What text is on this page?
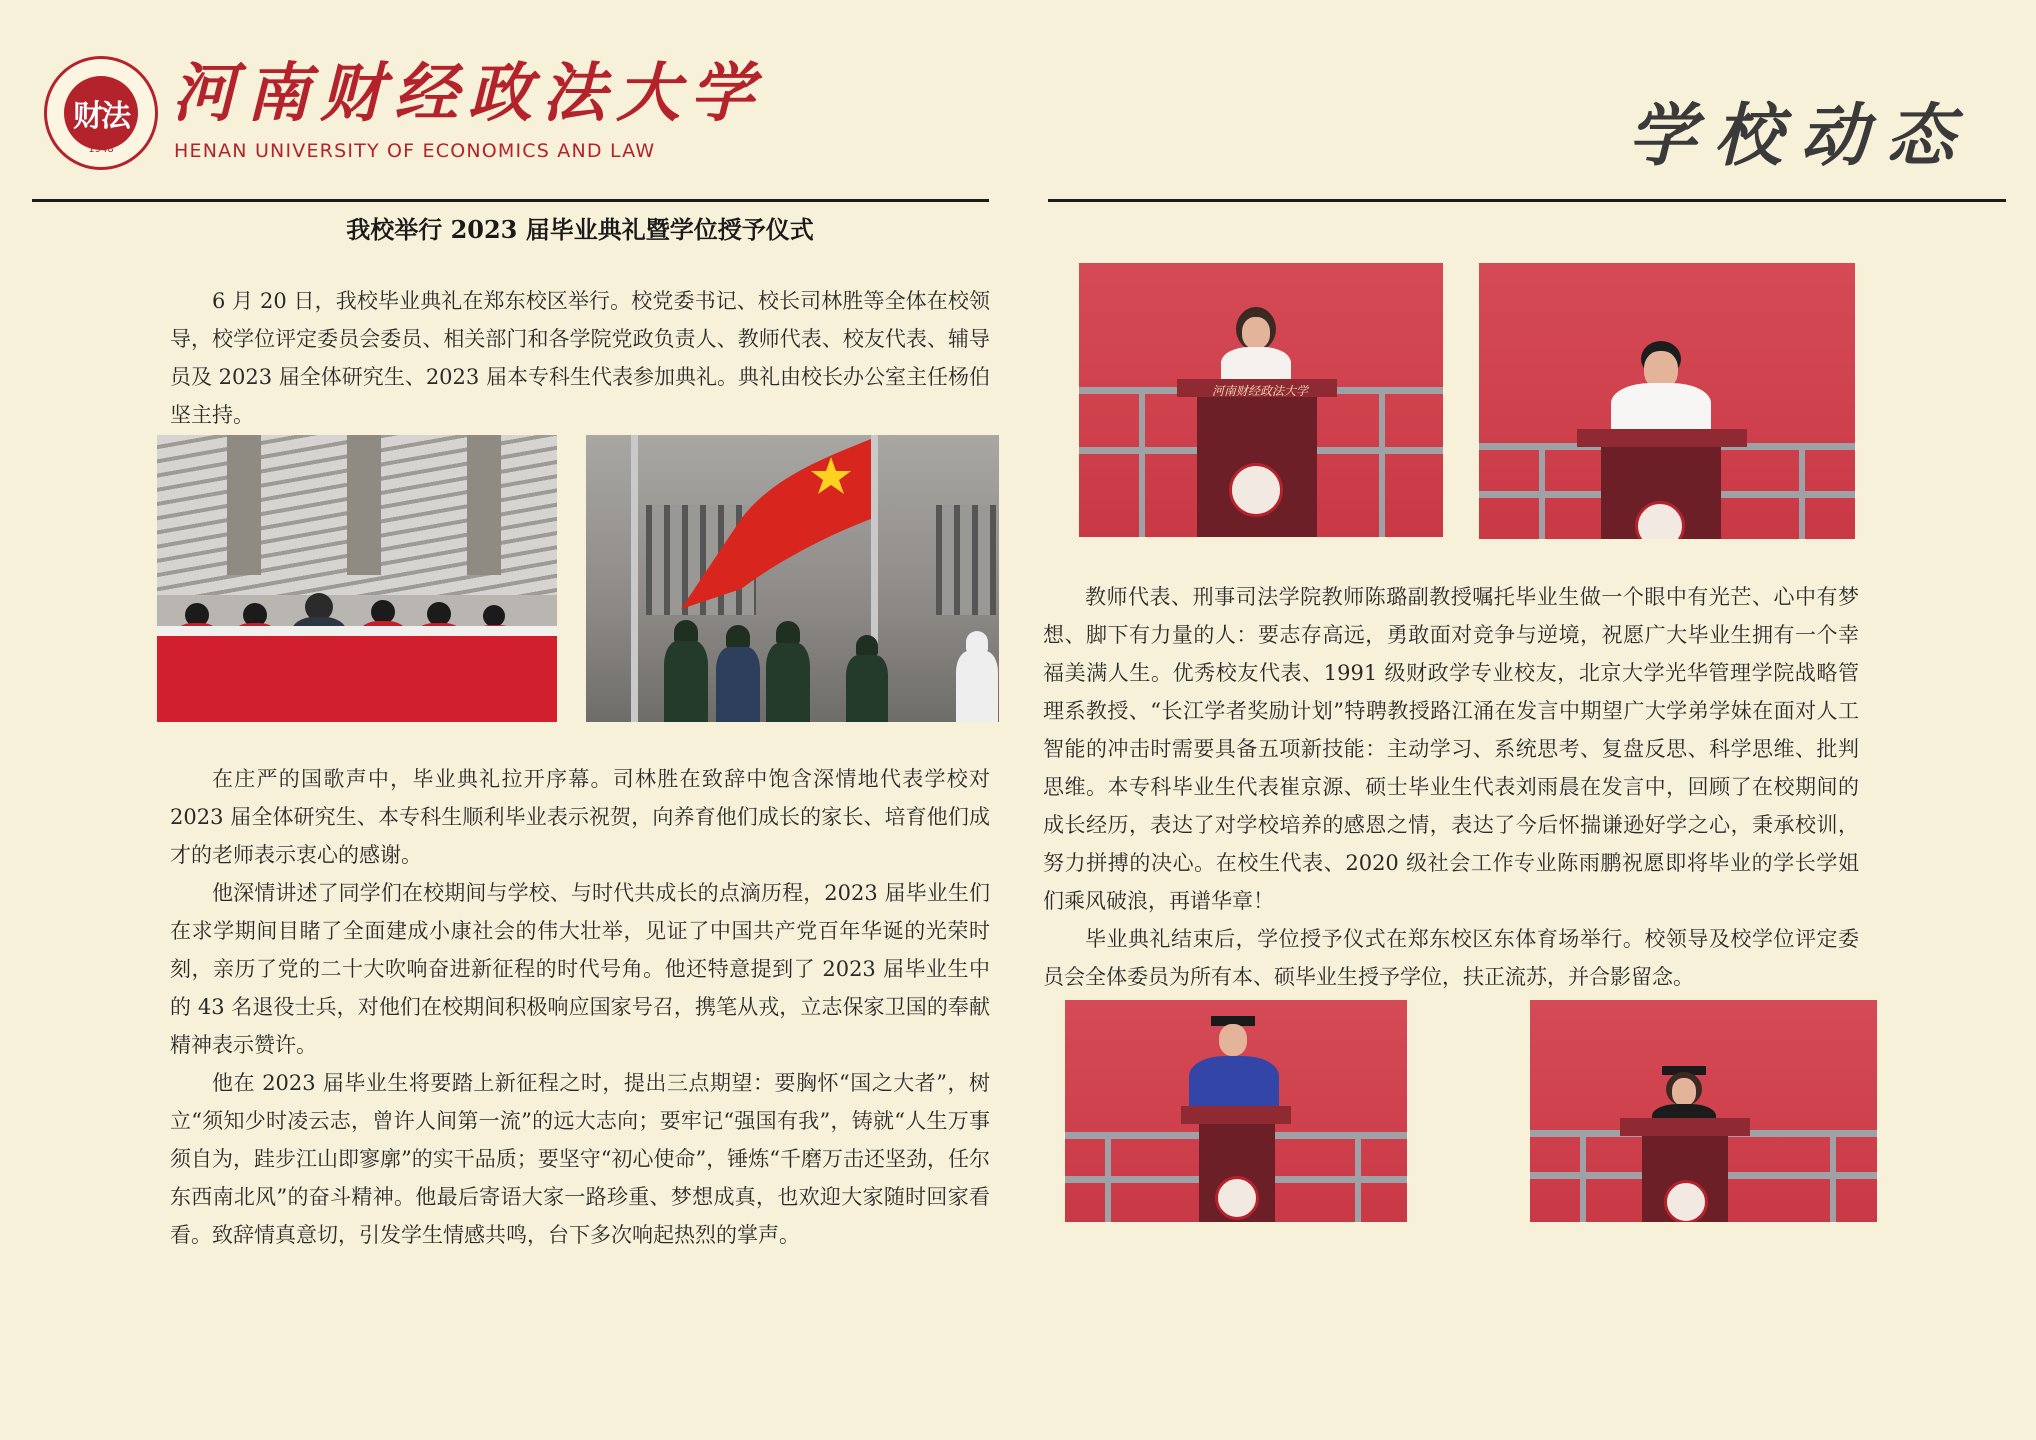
财法
1948
河南财经政法大学
HENAN UNIVERSITY OF ECONOMICS AND LAW	学校动态
我校举行 2023 届毕业典礼暨学位授予仪式

6 月 20 日，我校毕业典礼在郑东校区举行。校党委书记、校长司林胜等全体在校领导，校学位评定委员会委员、相关部门和各学院党政负责人、教师代表、校友代表、辅导员及 2023 届全体研究生、2023 届本专科生代表参加典礼。典礼由校长办公室主任杨伯坚主持。

在庄严的国歌声中，毕业典礼拉开序幕。司林胜在致辞中饱含深情地代表学校对 2023 届全体研究生、本专科生顺利毕业表示祝贺，向养育他们成长的家长、培育他们成才的老师表示衷心的感谢。

他深情讲述了同学们在校期间与学校、与时代共成长的点滴历程，2023 届毕业生们在求学期间目睹了全面建成小康社会的伟大壮举，见证了中国共产党百年华诞的光荣时刻，亲历了党的二十大吹响奋进新征程的时代号角。他还特意提到了 2023 届毕业生中的 43 名退役士兵，对他们在校期间积极响应国家号召，携笔从戎，立志保家卫国的奉献精神表示赞许。

他在 2023 届毕业生将要踏上新征程之时，提出三点期望：要胸怀“国之大者”，树立“须知少时凌云志，曾许人间第一流”的远大志向；要牢记“强国有我”，铸就“人生万事须自为，跬步江山即寥廓”的实干品质；要坚守“初心使命”，锤炼“千磨万击还坚劲，任尔东西南北风”的奋斗精神。他最后寄语大家一路珍重、梦想成真，也欢迎大家随时回家看看。致辞情真意切，引发学生情感共鸣，台下多次响起热烈的掌声。

教师代表、刑事司法学院教师陈璐副教授嘱托毕业生做一个眼中有光芒、心中有梦想、脚下有力量的人：要志存高远，勇敢面对竞争与逆境，祝愿广大毕业生拥有一个幸福美满人生。优秀校友代表、1991 级财政学专业校友，北京大学光华管理学院战略管理系教授、“长江学者奖励计划”特聘教授路江涌在发言中期望广大学弟学妹在面对人工智能的冲击时需要具备五项新技能：主动学习、系统思考、复盘反思、科学思维、批判思维。本专科毕业生代表崔京源、硕士毕业生代表刘雨晨在发言中，回顾了在校期间的成长经历，表达了对学校培养的感恩之情，表达了今后怀揣谦逊好学之心，秉承校训，努力拼搏的决心。在校生代表、2020 级社会工作专业陈雨鹏祝愿即将毕业的学长学姐们乘风破浪，再谱华章！

毕业典礼结束后，学位授予仪式在郑东校区东体育场举行。校领导及校学位评定委员会全体委员为所有本、硕毕业生授予学位，扶正流苏，并合影留念。

河南财经政法大学
